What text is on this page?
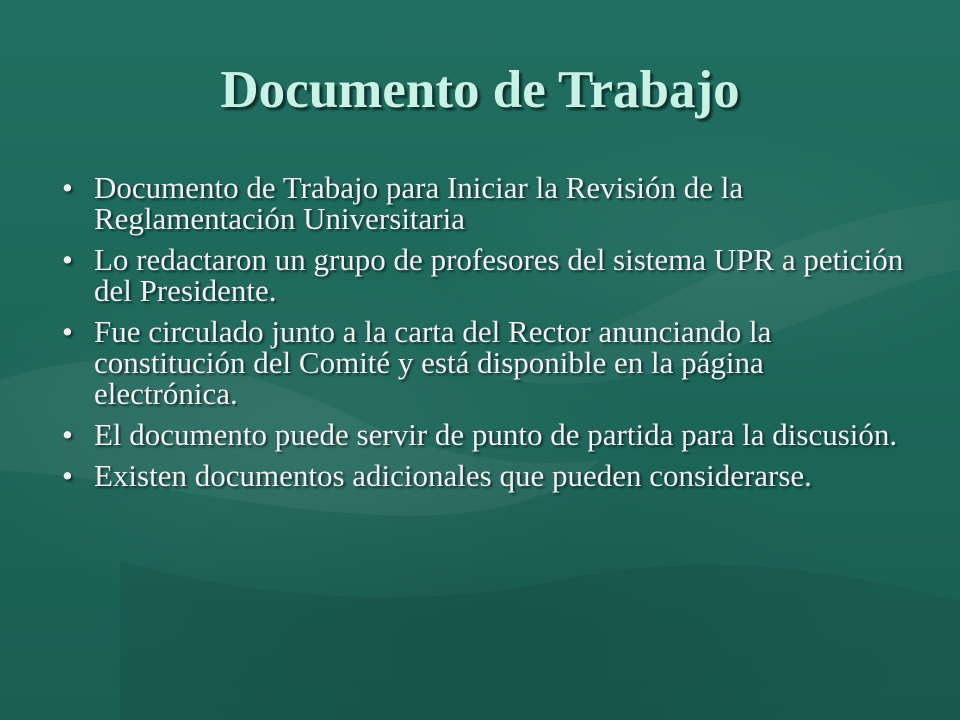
Documento de Trabajo
• Documento de Trabajo para Iniciar la Revisión de la Reglamentación Universitaria
• Lo redactaron un grupo de profesores del sistema UPR a petición del Presidente.
• Fue circulado junto a la carta del Rector anunciando la constitución del Comité y está disponible en la página electrónica.
• El documento puede servir de punto de partida para la discusión.
• Existen documentos adicionales que pueden considerarse.
